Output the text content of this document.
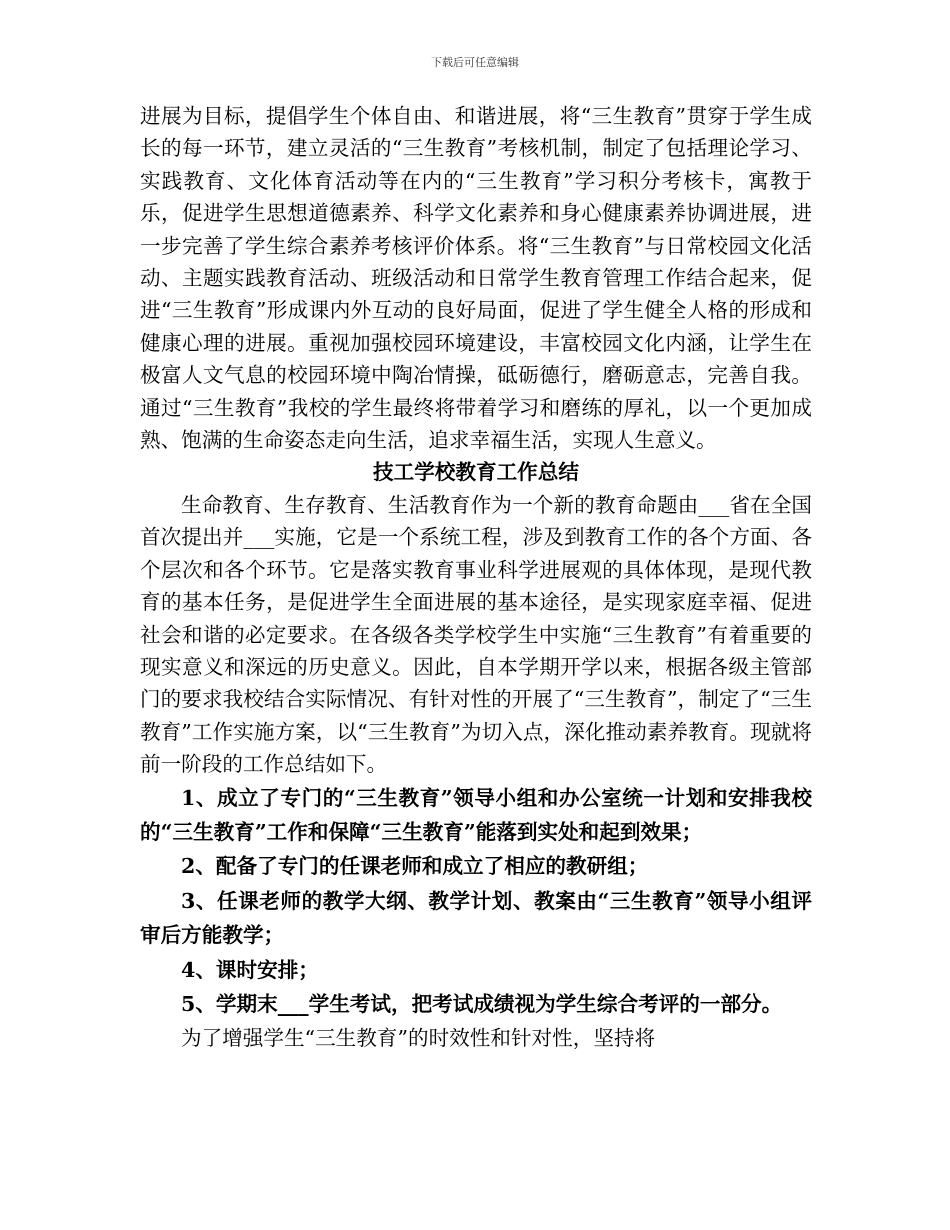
下载后可任意编辑

进展为目标，提倡学生个体自由、和谐进展，将“三生教育”贯穿于学生成长的每一环节，建立灵活的“三生教育”考核机制，制定了包括理论学习、实践教育、文化体育活动等在内的“三生教育”学习积分考核卡，寓教于乐，促进学生思想道德素养、科学文化素养和身心健康素养协调进展，进一步完善了学生综合素养考核评价体系。将“三生教育”与日常校园文化活动、主题实践教育活动、班级活动和日常学生教育管理工作结合起来，促进“三生教育”形成课内外互动的良好局面，促进了学生健全人格的形成和健康心理的进展。重视加强校园环境建设，丰富校园文化内涵，让学生在极富人文气息的校园环境中陶冶情操，砥砺德行，磨砺意志，完善自我。通过“三生教育”我校的学生最终将带着学习和磨练的厚礼，以一个更加成熟、饱满的生命姿态走向生活，追求幸福生活，实现人生意义。

技工学校教育工作总结

生命教育、生存教育、生活教育作为一个新的教育命题由___省在全国首次提出并___实施，它是一个系统工程，涉及到教育工作的各个方面、各个层次和各个环节。它是落实教育事业科学进展观的具体体现，是现代教育的基本任务，是促进学生全面进展的基本途径，是实现家庭幸福、促进社会和谐的必定要求。在各级各类学校学生中实施“三生教育”有着重要的现实意义和深远的历史意义。因此，自本学期开学以来，根据各级主管部门的要求我校结合实际情况、有针对性的开展了“三生教育”，制定了“三生教育”工作实施方案，以“三生教育”为切入点，深化推动素养教育。现就将前一阶段的工作总结如下。

1、成立了专门的“三生教育”领导小组和办公室统一计划和安排我校的“三生教育”工作和保障“三生教育”能落到实处和起到效果；

2、配备了专门的任课老师和成立了相应的教研组；

3、任课老师的教学大纲、教学计划、教案由“三生教育”领导小组评审后方能教学；

4、课时安排；

5、学期末___学生考试，把考试成绩视为学生综合考评的一部分。

为了增强学生“三生教育”的时效性和针对性，坚持将
